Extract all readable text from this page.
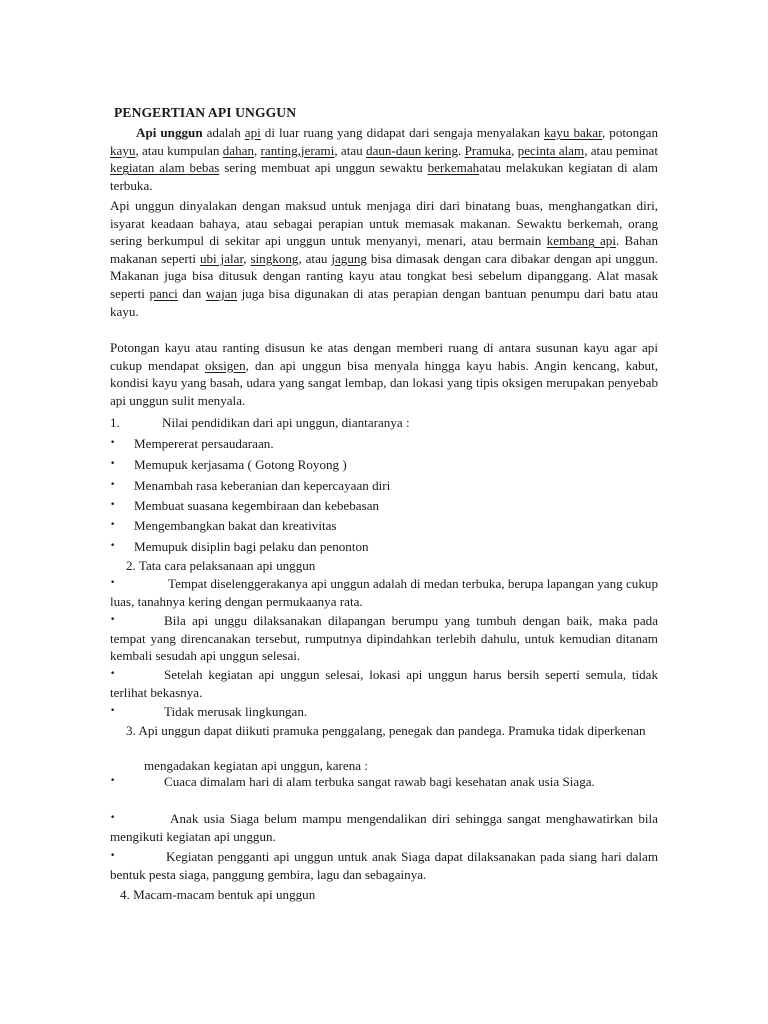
PENGERTIAN API UNGGUN

Api unggun adalah api di luar ruang yang didapat dari sengaja menyalakan kayu bakar, potongan kayu, atau kumpulan dahan, ranting,jerami, atau daun-daun kering. Pramuka, pecinta alam, atau peminat kegiatan alam bebas sering membuat api unggun sewaktu berkemahatau melakukan kegiatan di alam terbuka.

Api unggun dinyalakan dengan maksud untuk menjaga diri dari binatang buas, menghangatkan diri, isyarat keadaan bahaya, atau sebagai perapian untuk memasak makanan. Sewaktu berkemah, orang sering berkumpul di sekitar api unggun untuk menyanyi, menari, atau bermain kembang api. Bahan makanan seperti ubi jalar, singkong, atau jagung bisa dimasak dengan cara dibakar dengan api unggun. Makanan juga bisa ditusuk dengan ranting kayu atau tongkat besi sebelum dipanggang. Alat masak seperti panci dan wajan juga bisa digunakan di atas perapian dengan bantuan penumpu dari batu atau kayu.

Potongan kayu atau ranting disusun ke atas dengan memberi ruang di antara susunan kayu agar api cukup mendapat oksigen, dan api unggun bisa menyala hingga kayu habis. Angin kencang, kabut, kondisi kayu yang basah, udara yang sangat lembap, dan lokasi yang tipis oksigen merupakan penyebab api unggun sulit menyala.

1.	Nilai pendidikan dari api unggun, diantaranya :
•	Mempererat persaudaraan.
•	Memupuk kerjasama ( Gotong Royong )
•	Menambah rasa keberanian dan kepercayaan diri
•	Membuat suasana kegembiraan dan kebebasan
•	Mengembangkan bakat dan kreativitas
•	Memupuk disiplin bagi pelaku dan penonton
2. Tata cara pelaksanaan api unggun
•	Tempat diselenggerakanya api unggun adalah di medan terbuka, berupa lapangan yang cukup luas, tanahnya kering dengan permukaanya rata.

•	Bila api unggu dilaksanakan dilapangan berumpu yang tumbuh dengan baik, maka pada tempat yang direncanakan tersebut, rumputnya dipindahkan terlebih dahulu, untuk kemudian ditanam kembali sesudah api unggun selesai.

•	Setelah kegiatan api unggun selesai, lokasi api unggun harus bersih seperti semula, tidak terlihat bekasnya.

•	Tidak merusak lingkungan.

3. Api unggun dapat diikuti pramuka penggalang, penegak dan pandega. Pramuka tidak diperkenan

mengadakan kegiatan api unggun, karena :
•	Cuaca dimalam hari di alam terbuka sangat rawab bagi kesehatan anak usia Siaga.

•	Anak usia Siaga belum mampu mengendalikan diri sehingga sangat menghawatirkan bila mengikuti kegiatan api unggun.

•	Kegiatan pengganti api unggun untuk anak Siaga dapat dilaksanakan pada siang hari dalam bentuk pesta siaga, panggung gembira, lagu dan sebagainya.

4. Macam-macam bentuk api unggun
